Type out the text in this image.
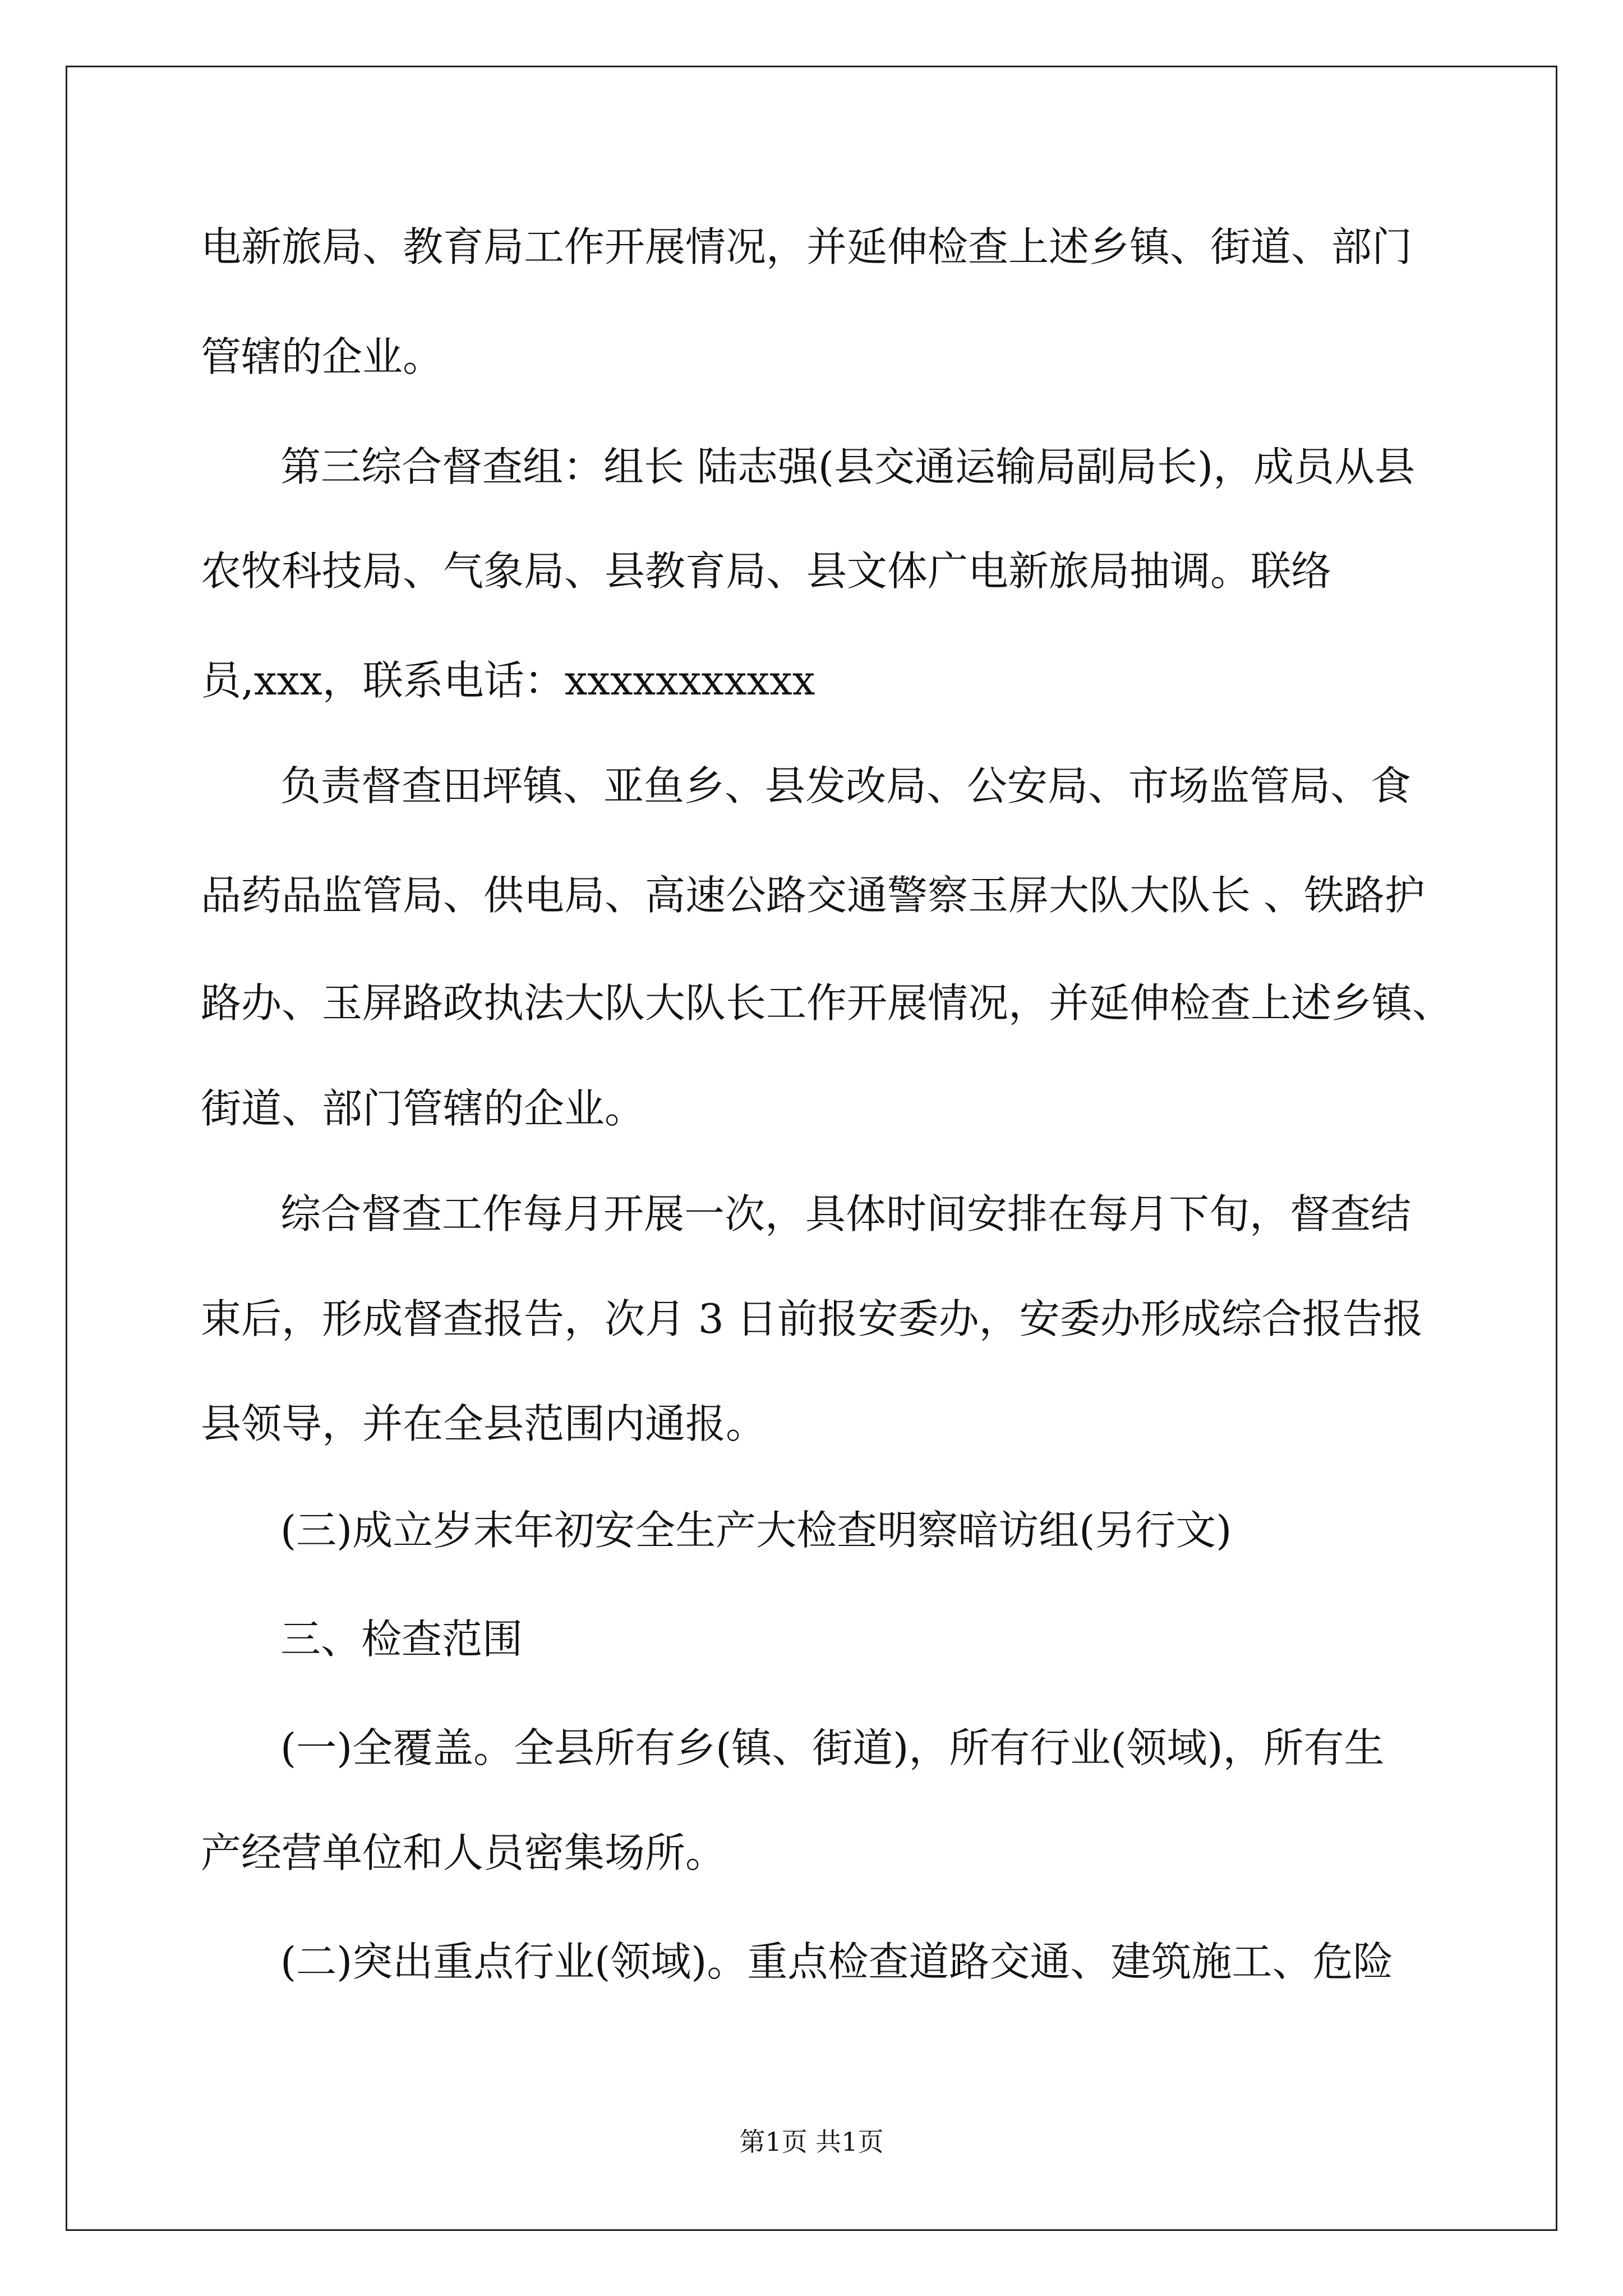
电新旅局、教育局工作开展情况，并延伸检查上述乡镇、街道、部门
管辖的企业。
第三综合督查组：组长 陆志强(县交通运输局副局长)，成员从县
农牧科技局、气象局、县教育局、县文体广电新旅局抽调。联络
员,xxx，联系电话：xxxxxxxxxxx
负责督查田坪镇、亚鱼乡、县发改局、公安局、市场监管局、食
品药品监管局、供电局、高速公路交通警察玉屏大队大队长 、铁路护
路办、玉屏路政执法大队大队长工作开展情况，并延伸检查上述乡镇、
街道、部门管辖的企业。
综合督查工作每月开展一次，具体时间安排在每月下旬，督查结
束后，形成督查报告，次月 3 日前报安委办，安委办形成综合报告报
县领导，并在全县范围内通报。
(三)成立岁末年初安全生产大检查明察暗访组(另行文)
三、检查范围
(一)全覆盖。全县所有乡(镇、街道)，所有行业(领域)，所有生
产经营单位和人员密集场所。
(二)突出重点行业(领域)。重点检查道路交通、建筑施工、危险
第1页 共1页
